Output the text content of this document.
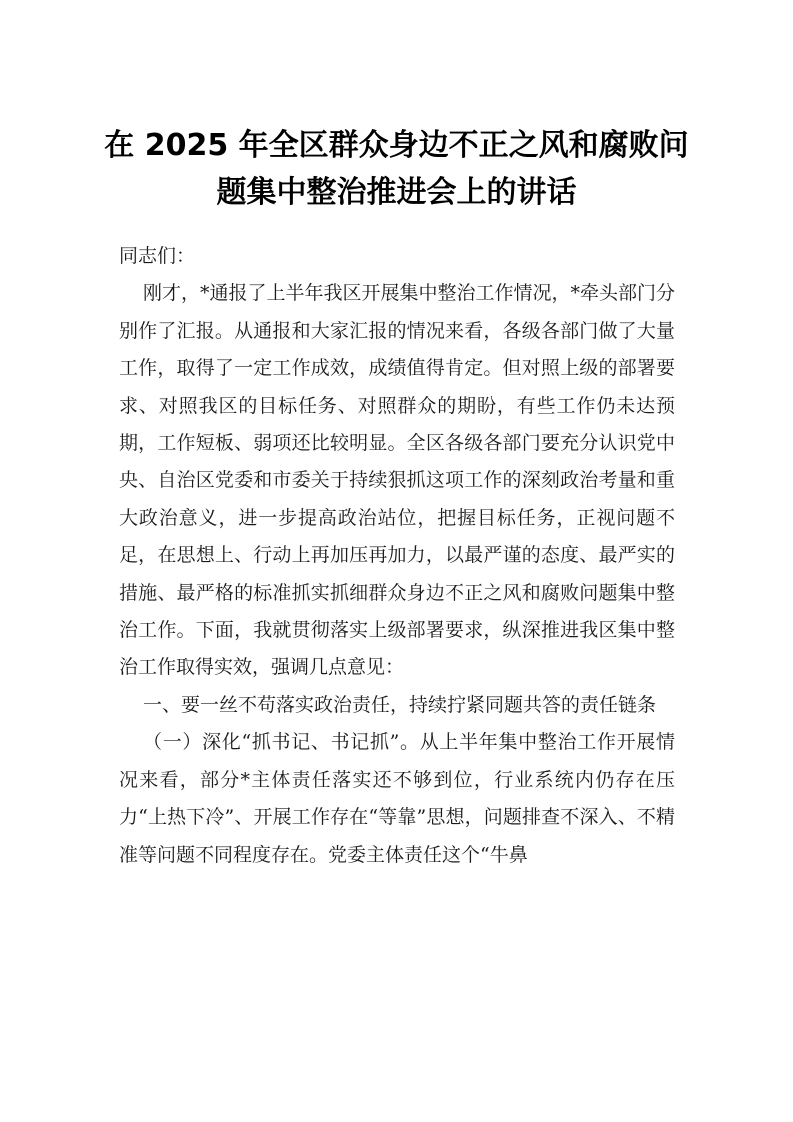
在 2025 年全区群众身边不正之风和腐败问
题集中整治推进会上的讲话

同志们：

刚才，*通报了上半年我区开展集中整治工作情况，*牵头部门分别作了汇报。从通报和大家汇报的情况来看，各级各部门做了大量工作，取得了一定工作成效，成绩值得肯定。但对照上级的部署要求、对照我区的目标任务、对照群众的期盼，有些工作仍未达预期，工作短板、弱项还比较明显。全区各级各部门要充分认识党中央、自治区党委和市委关于持续狠抓这项工作的深刻政治考量和重大政治意义，进一步提高政治站位，把握目标任务，正视问题不足，在思想上、行动上再加压再加力，以最严谨的态度、最严实的措施、最严格的标准抓实抓细群众身边不正之风和腐败问题集中整治工作。下面，我就贯彻落实上级部署要求，纵深推进我区集中整治工作取得实效，强调几点意见：

一、要一丝不苟落实政治责任，持续拧紧同题共答的责任链条

（一）深化“抓书记、书记抓”。从上半年集中整治工作开展情况来看，部分*主体责任落实还不够到位，行业系统内仍存在压力“上热下冷”、开展工作存在“等靠”思想，问题排查不深入、不精准等问题不同程度存在。党委主体责任这个“牛鼻
